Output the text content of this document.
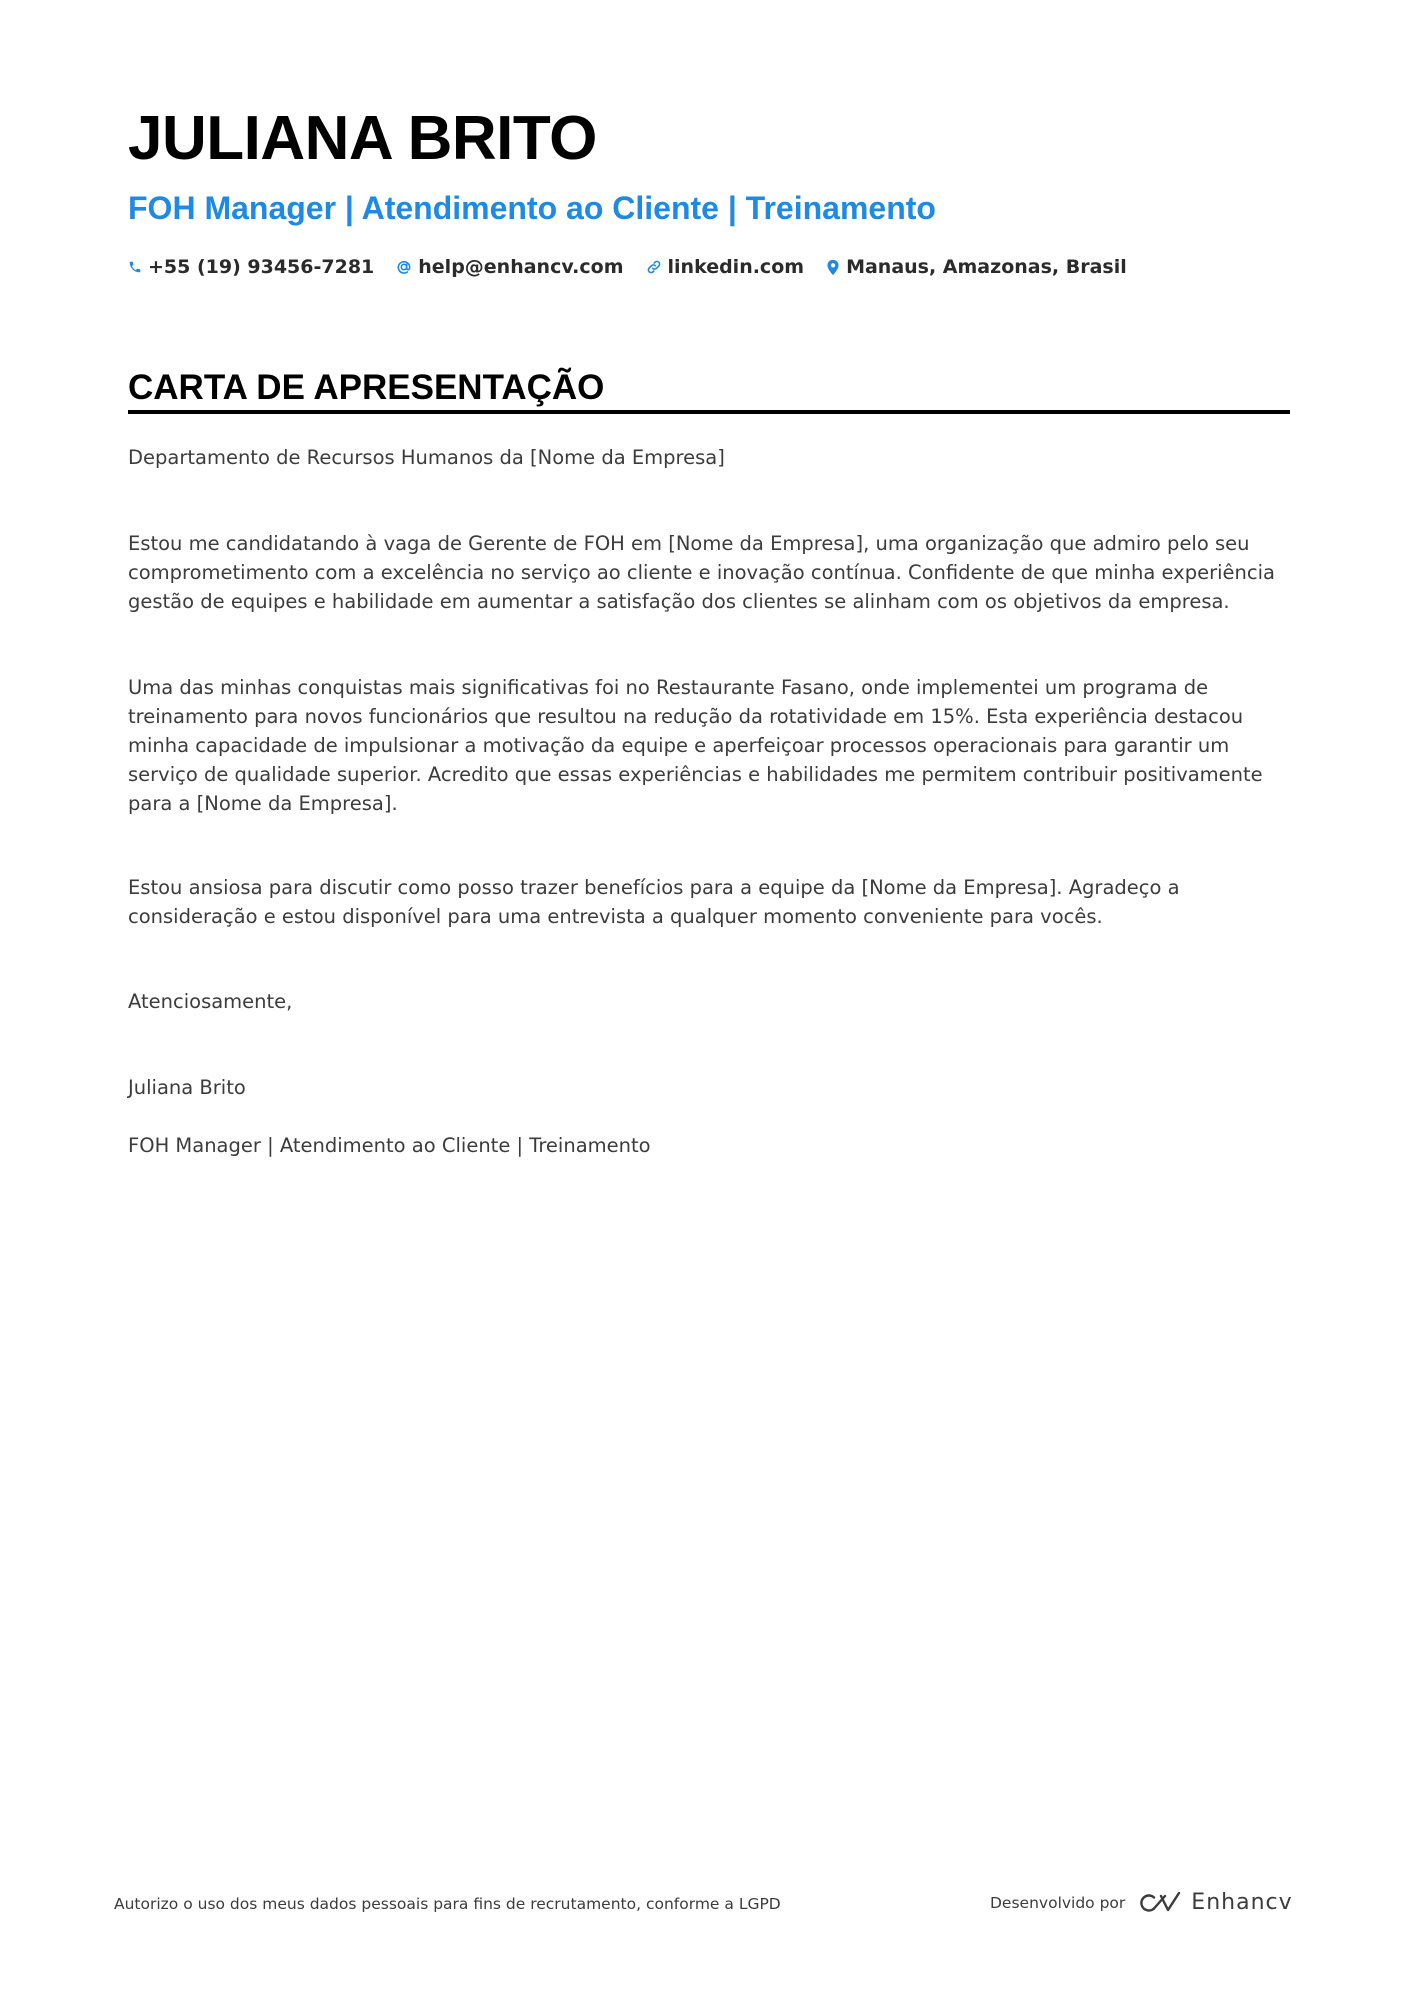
JULIANA BRITO
FOH Manager | Atendimento ao Cliente | Treinamento
+55 (19) 93456-7281 help@enhancv.com linkedin.com Manaus, Amazonas, Brasil
CARTA DE APRESENTAÇÃO
Departamento de Recursos Humanos da [Nome da Empresa]
Estou me candidatando à vaga de Gerente de FOH em [Nome da Empresa], uma organização que admiro pelo seu comprometimento com a excelência no serviço ao cliente e inovação contínua. Confidente de que minha experiência gestão de equipes e habilidade em aumentar a satisfação dos clientes se alinham com os objetivos da empresa.
Uma das minhas conquistas mais significativas foi no Restaurante Fasano, onde implementei um programa de treinamento para novos funcionários que resultou na redução da rotatividade em 15%. Esta experiência destacou minha capacidade de impulsionar a motivação da equipe e aperfeiçoar processos operacionais para garantir um serviço de qualidade superior. Acredito que essas experiências e habilidades me permitem contribuir positivamente para a [Nome da Empresa].
Estou ansiosa para discutir como posso trazer benefícios para a equipe da [Nome da Empresa]. Agradeço a consideração e estou disponível para uma entrevista a qualquer momento conveniente para vocês.
Atenciosamente,
Juliana Brito
FOH Manager | Atendimento ao Cliente | Treinamento
Autorizo o uso dos meus dados pessoais para fins de recrutamento, conforme a LGPD	Desenvolvido por	Enhancv
